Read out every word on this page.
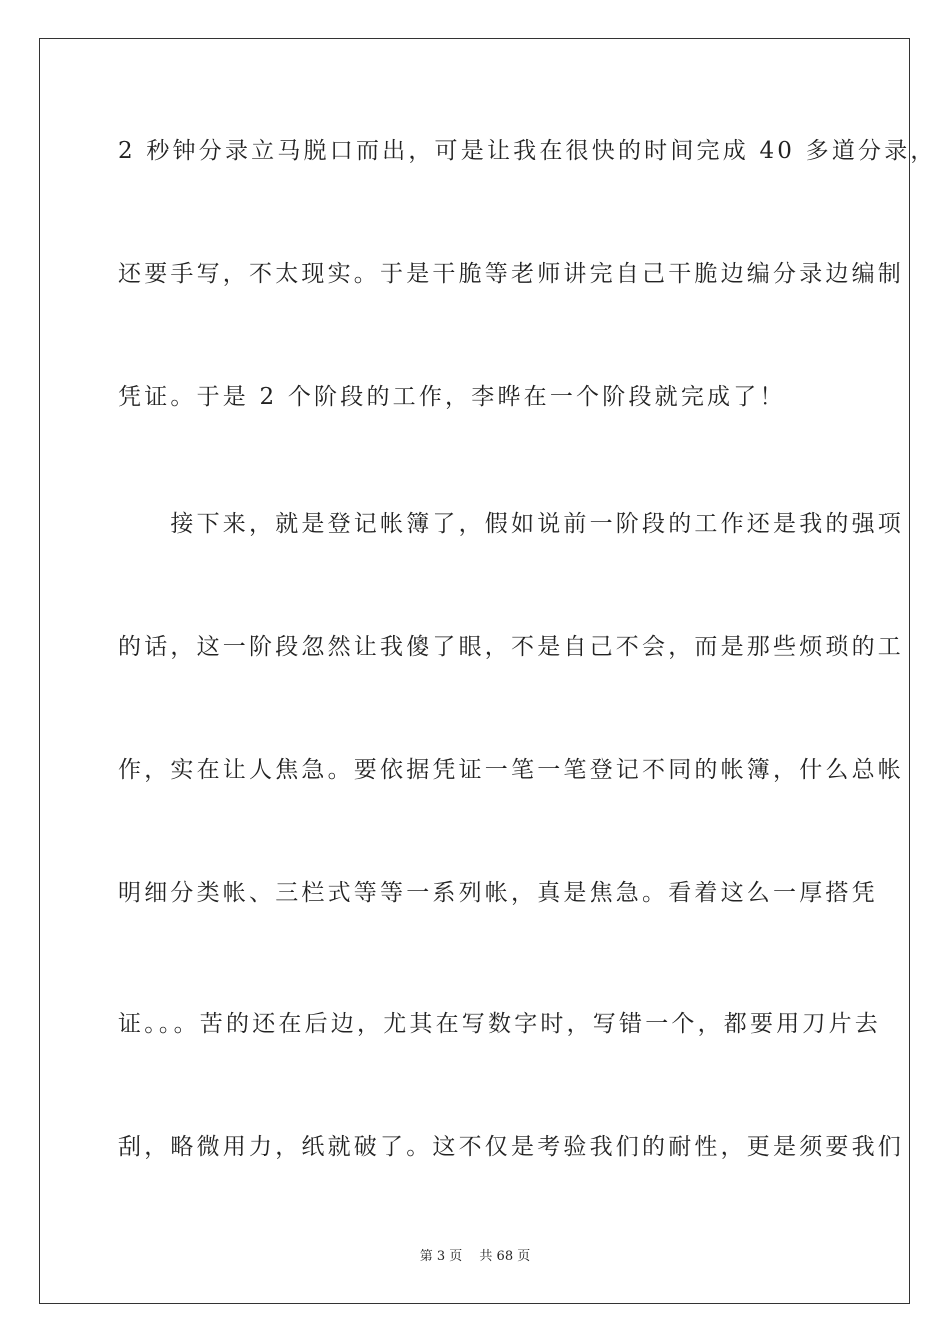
2 秒钟分录立马脱口而出，可是让我在很快的时间完成 40 多道分录，
还要手写，不太现实。于是干脆等老师讲完自己干脆边编分录边编制
凭证。于是 2 个阶段的工作，李晔在一个阶段就完成了！
　　接下来，就是登记帐簿了，假如说前一阶段的工作还是我的强项
的话，这一阶段忽然让我傻了眼，不是自己不会，而是那些烦琐的工
作，实在让人焦急。要依据凭证一笔一笔登记不同的帐簿，什么总帐
明细分类帐、三栏式等等一系列帐，真是焦急。看着这么一厚搭凭
证。。。苦的还在后边，尤其在写数字时，写错一个，都要用刀片去
刮，略微用力，纸就破了。这不仅是考验我们的耐性，更是须要我们
第 3 页　 共 68 页
